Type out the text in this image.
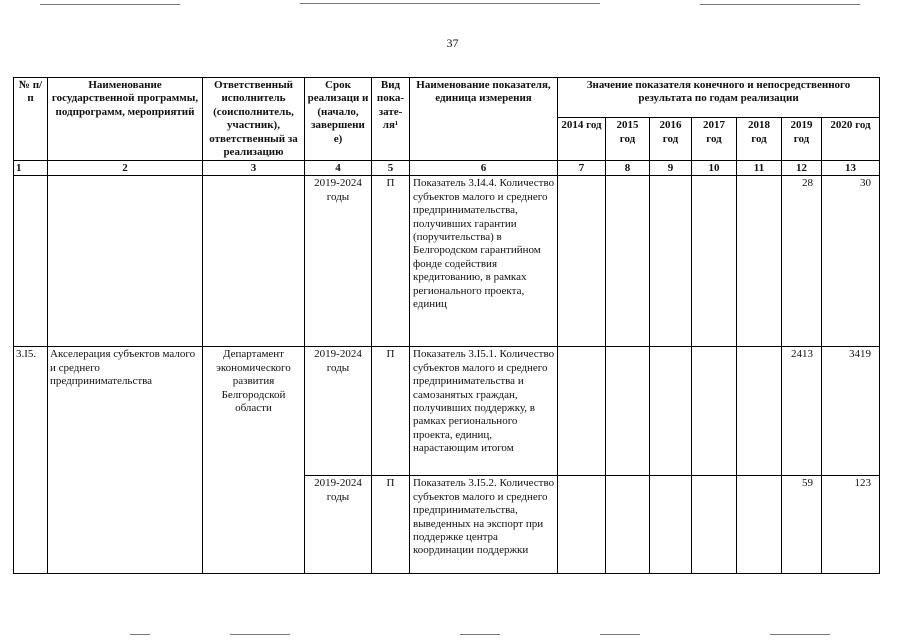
37
№ п/п	Наименование государственной программы, подпрограмм, мероприятий	Ответственный исполнитель (соисполнитель, участник), ответственный за реализацию	Срок реализаци и (начало, завершени е)	Вид пока-зате-ля¹	Наименование показателя, единица измерения	Значение показателя конечного и непосредственного результата по годам реализации						
						2014 год	2015 год	2016 год	2017 год	2018 год	2019 год	2020 год
1	2	3	4	5	6	7	8	9	10	11	12	13
			2019-2024 годы	П	Показатель 3.I4.4. Количество субъектов малого и среднего предпринимательства, получивших гарантии (поручительства) в Белгородском гарантийном фонде содействия кредитованию, в рамках регионального проекта, единиц						28	30
3.I5.	Акселерация субъектов малого и среднего предпринимательства	Департамент экономического развития Белгородской области	2019-2024 годы	П	Показатель 3.I5.1. Количество субъектов малого и среднего предпринимательства и самозанятых граждан, получивших поддержку, в рамках регионального проекта, единиц, нарастающим итогом						2413	3419
			2019-2024 годы	П	Показатель 3.I5.2. Количество субъектов малого и среднего предпринимательства, выведенных на экспорт при поддержке центра координации поддержки						59	123
